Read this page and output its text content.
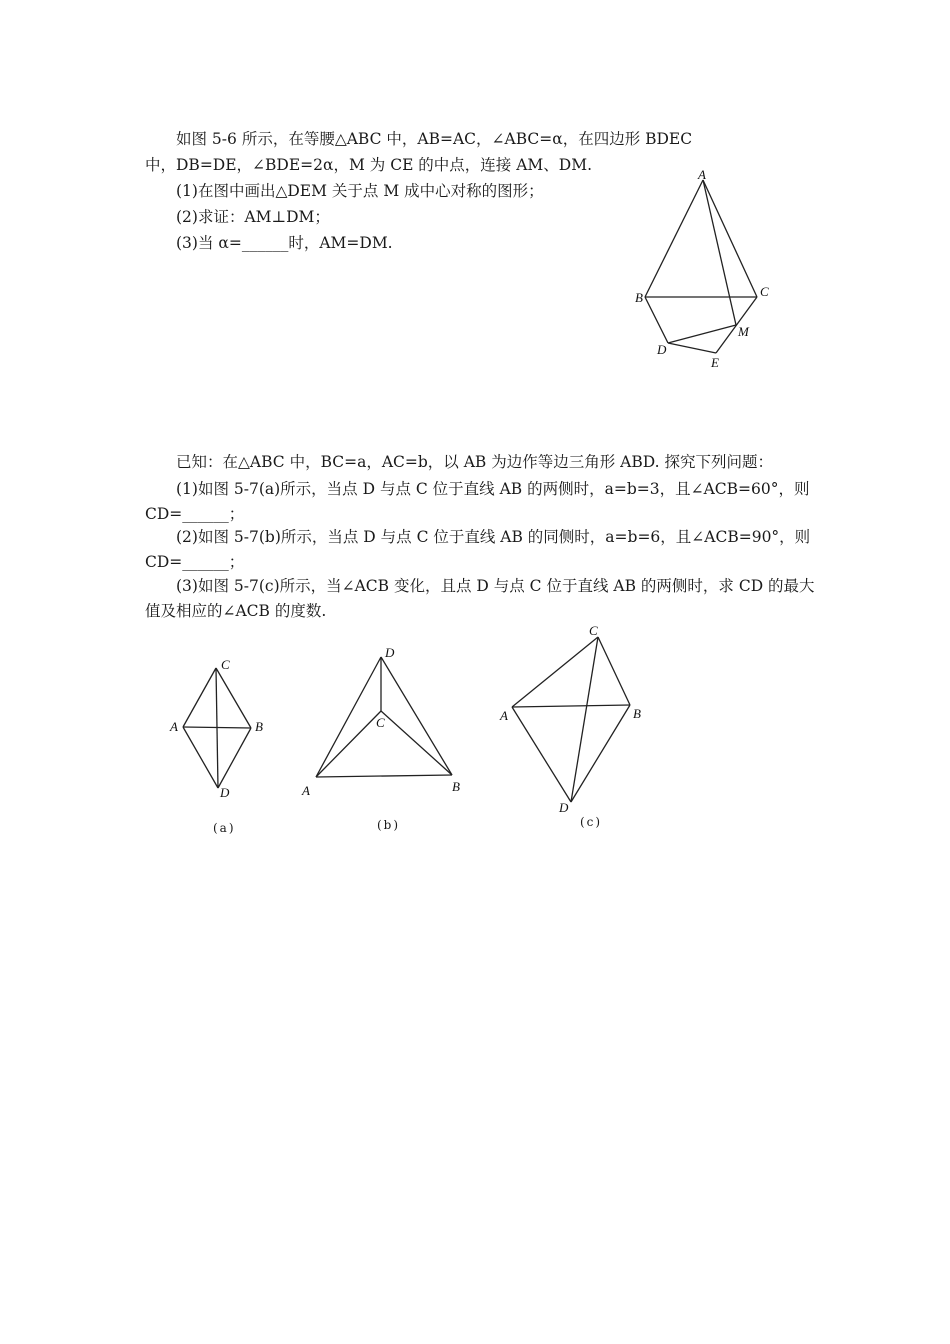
如图 5-6 所示，在等腰△ABC 中，AB=AC，∠ABC=α，在四边形 BDEC
中，DB=DE，∠BDE=2α，M 为 CE 的中点，连接 AM、DM.
(1)在图中画出△DEM 关于点 M 成中心对称的图形；
(2)求证：AM⊥DM；
(3)当 α=______时，AM=DM.
A
B	C
D
E
M
已知：在△ABC 中，BC=a，AC=b，以 AB 为边作等边三角形 ABD. 探究下列问题：
(1)如图 5-7(a)所示，当点 D 与点 C 位于直线 AB 的两侧时，a=b=3，且∠ACB=60°，则
CD=______；
(2)如图 5-7(b)所示，当点 D 与点 C 位于直线 AB 的同侧时，a=b=6，且∠ACB=90°，则
CD=______；
(3)如图 5-7(c)所示，当∠ACB 变化，且点 D 与点 C 位于直线 AB 的两侧时，求 CD 的最大
值及相应的∠ACB 的度数.
C
A	B
D
D
C
A	B
C
A	B
D
(a)	(b)	(c)
